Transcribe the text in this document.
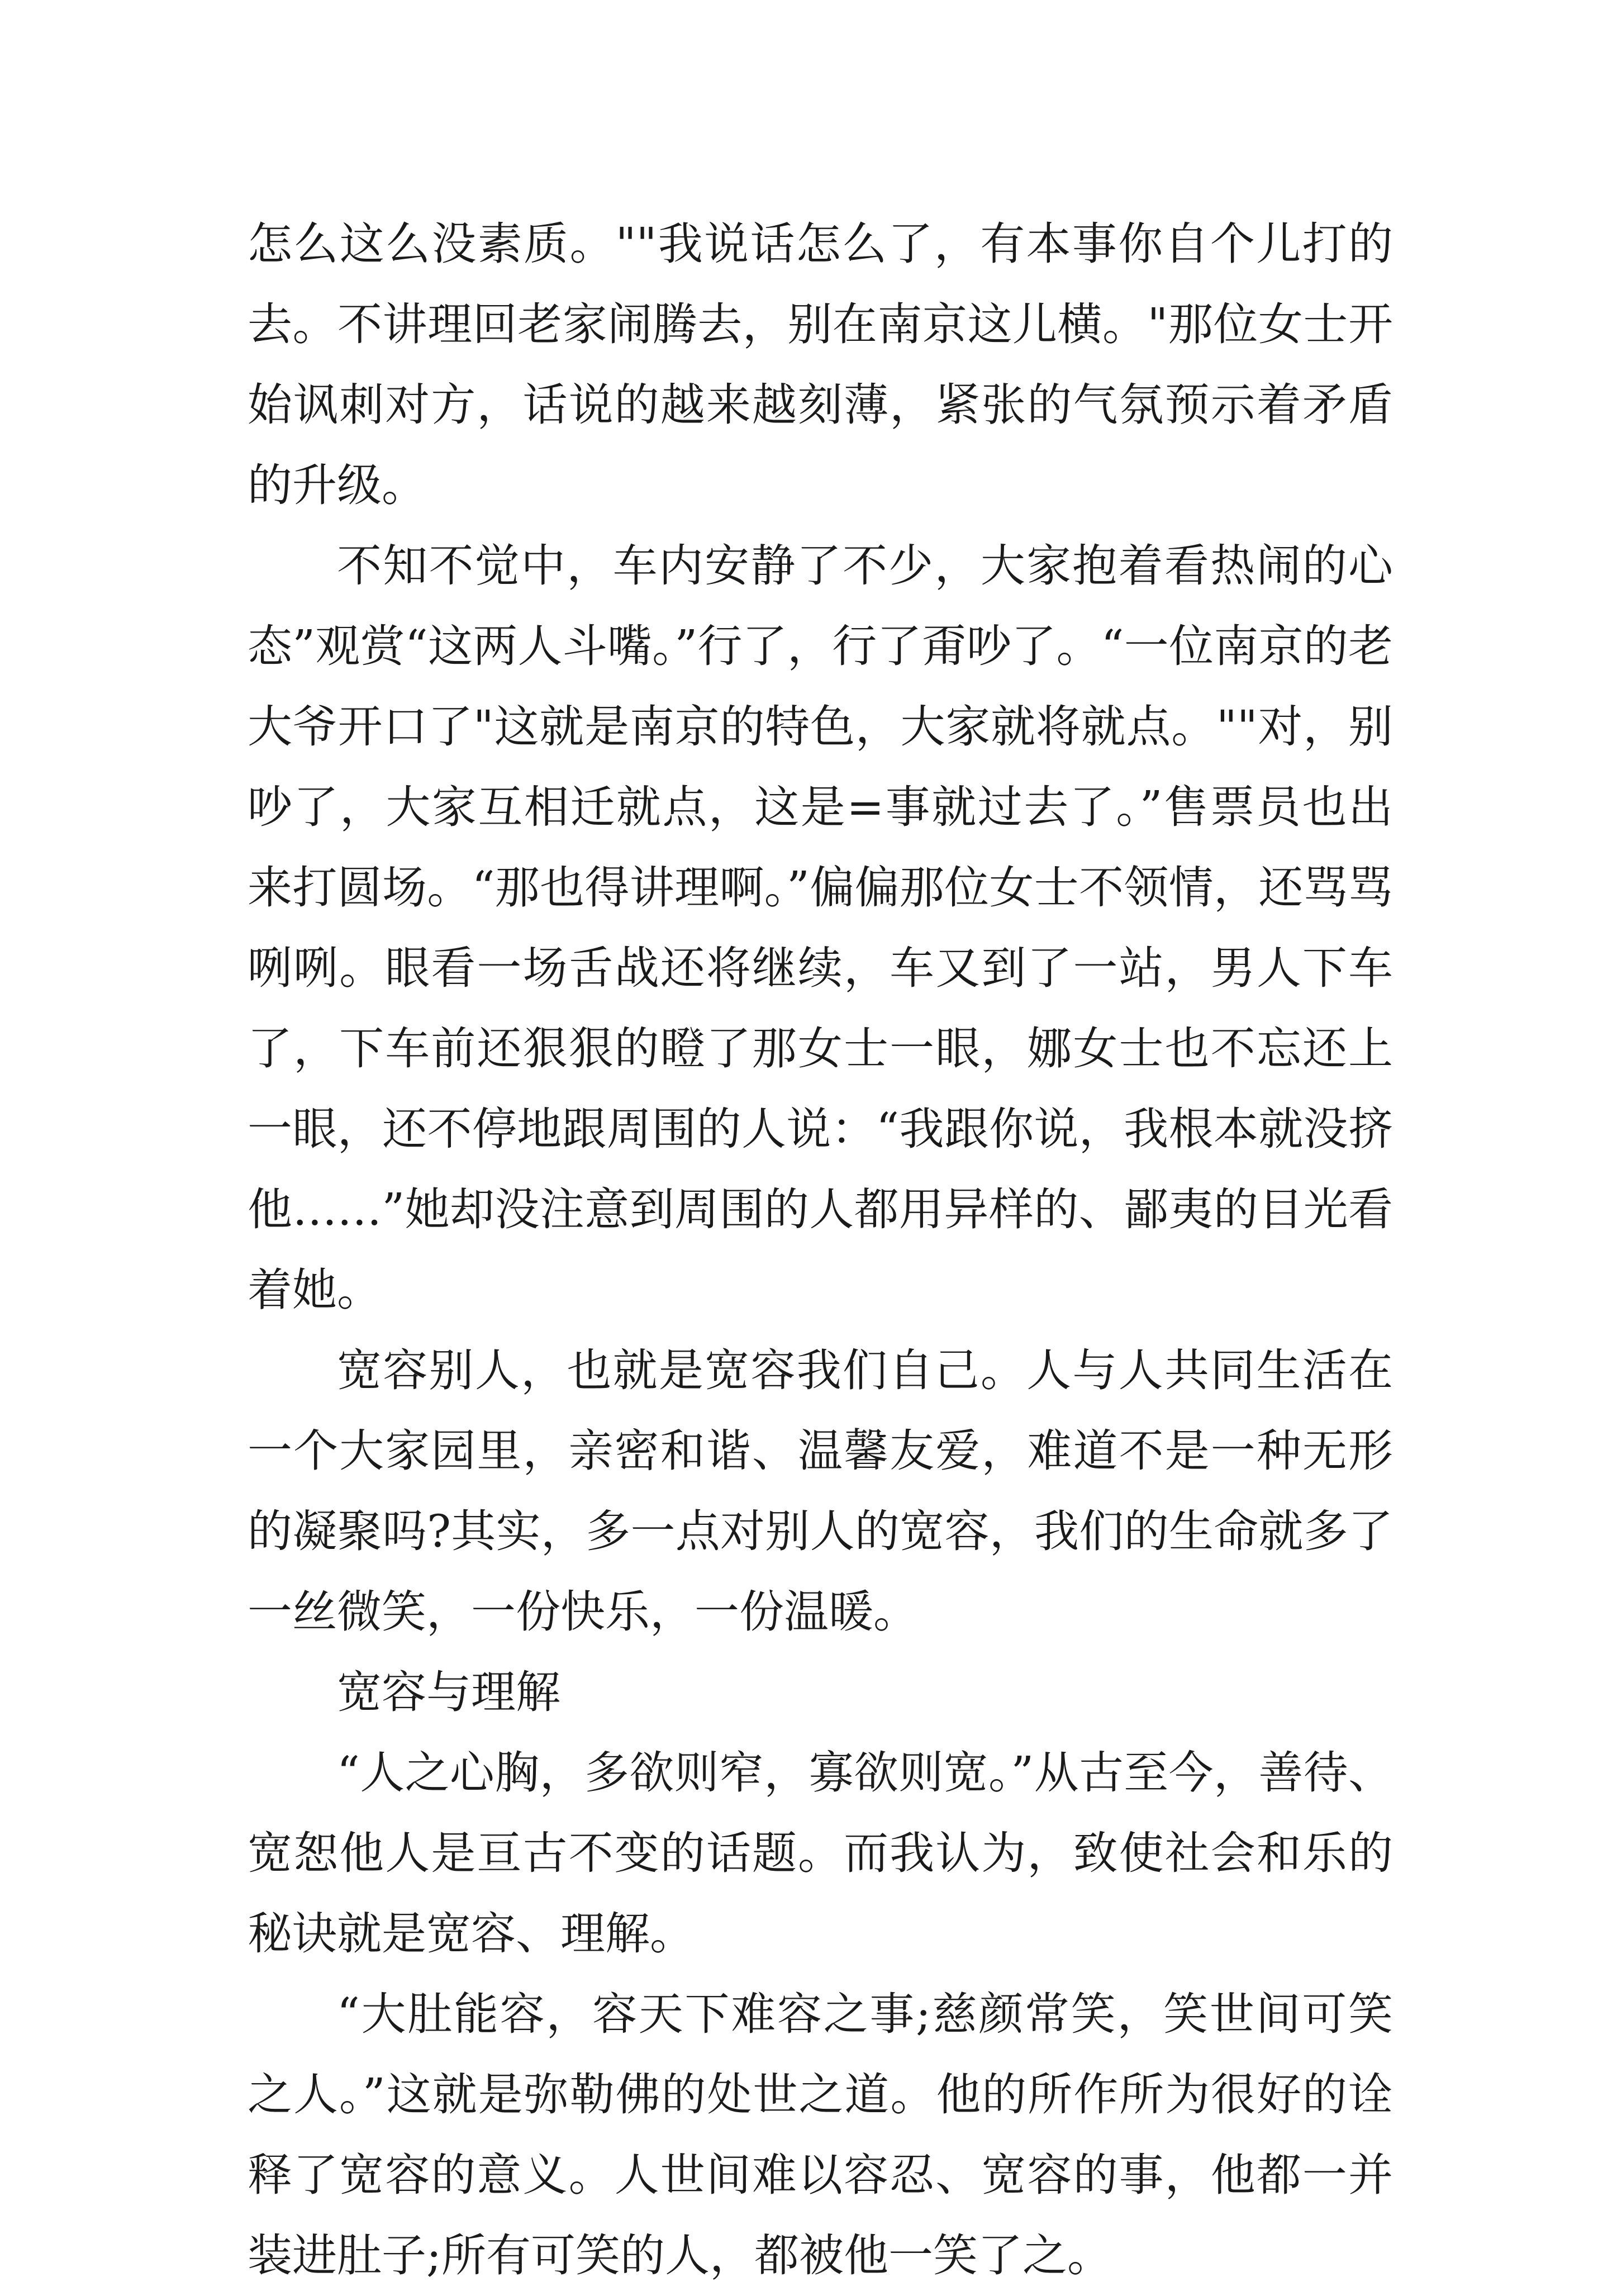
怎么这么没素质。""我说话怎么了，有本事你自个儿打的去。不讲理回老家闹腾去，别在南京这儿横。"那位女士开始讽刺对方，话说的越来越刻薄，紧张的气氛预示着矛盾的升级。

不知不觉中，车内安静了不少，大家抱着看热闹的心态”观赏“这两人斗嘴。”行了，行了甭吵了。“一位南京的老大爷开口了"这就是南京的特色，大家就将就点。""对，别吵了，大家互相迁就点，这是=事就过去了。”售票员也出来打圆场。“那也得讲理啊。”偏偏那位女士不领情，还骂骂咧咧。眼看一场舌战还将继续，车又到了一站，男人下车了，下车前还狠狠的瞪了那女士一眼，娜女士也不忘还上一眼，还不停地跟周围的人说：“我跟你说，我根本就没挤他……”她却没注意到周围的人都用异样的、鄙夷的目光看着她。

宽容别人，也就是宽容我们自己。人与人共同生活在一个大家园里，亲密和谐、温馨友爱，难道不是一种无形的凝聚吗?其实，多一点对别人的宽容，我们的生命就多了一丝微笑，一份快乐，一份温暖。

宽容与理解

“人之心胸，多欲则窄，寡欲则宽。”从古至今，善待、宽恕他人是亘古不变的话题。而我认为，致使社会和乐的秘诀就是宽容、理解。

“大肚能容，容天下难容之事;慈颜常笑，笑世间可笑之人。”这就是弥勒佛的处世之道。他的所作所为很好的诠释了宽容的意义。人世间难以容忍、宽容的事，他都一并装进肚子;所有可笑的人，都被他一笑了之。
